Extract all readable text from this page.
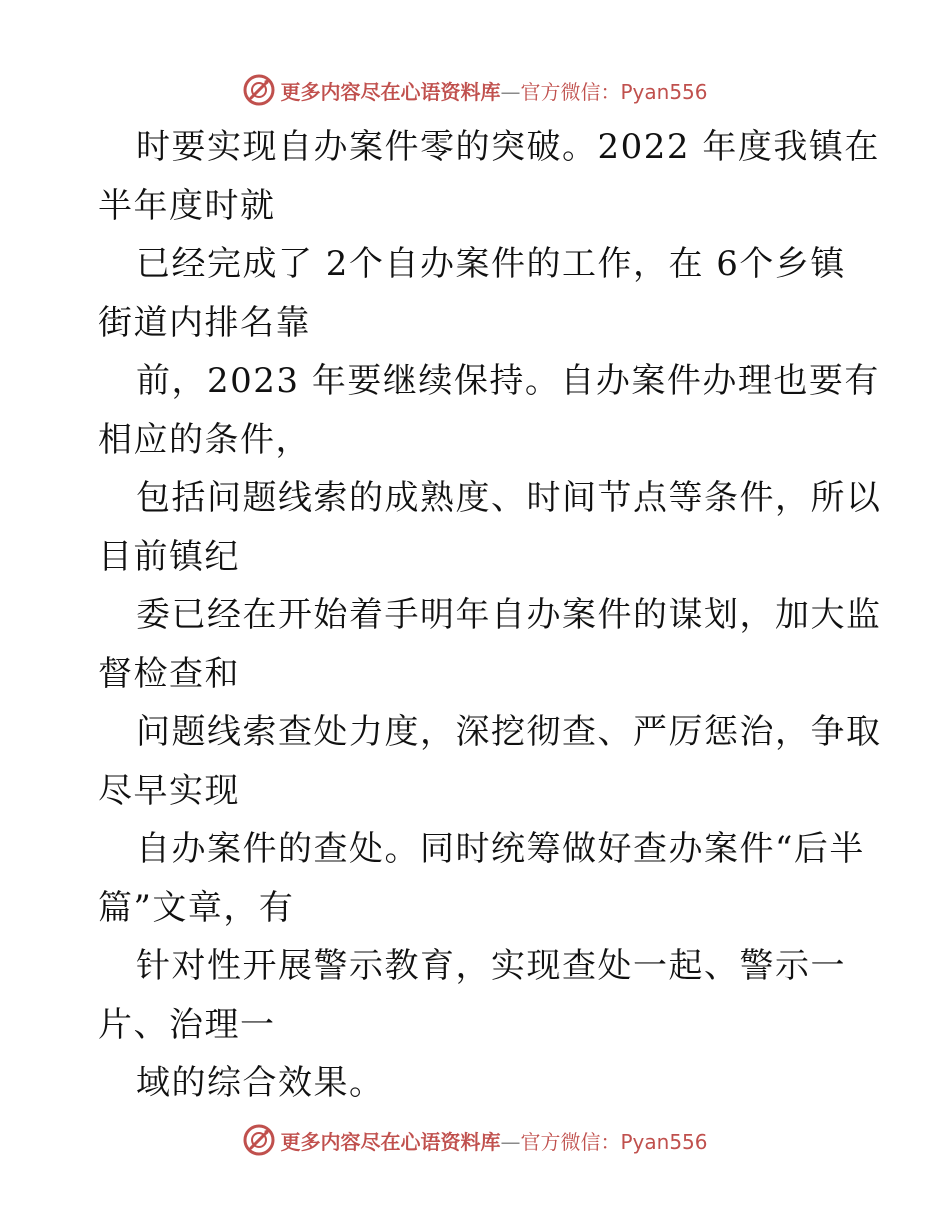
更多内容尽在心语资料库—官方微信：Pyan556
时要实现自办案件零的突破。2022 年度我镇在
半年度时就
已经完成了 2个自办案件的工作，在 6个乡镇
街道内排名靠
前，2023 年要继续保持。自办案件办理也要有
相应的条件，
包括问题线索的成熟度、时间节点等条件，所以
目前镇纪
委已经在开始着手明年自办案件的谋划，加大监
督检查和
问题线索查处力度，深挖彻查、严厉惩治，争取
尽早实现
自办案件的查处。同时统筹做好查办案件“后半
篇”文章，有
针对性开展警示教育，实现查处一起、警示一
片、治理一
域的综合效果。
更多内容尽在心语资料库—官方微信：Pyan556
